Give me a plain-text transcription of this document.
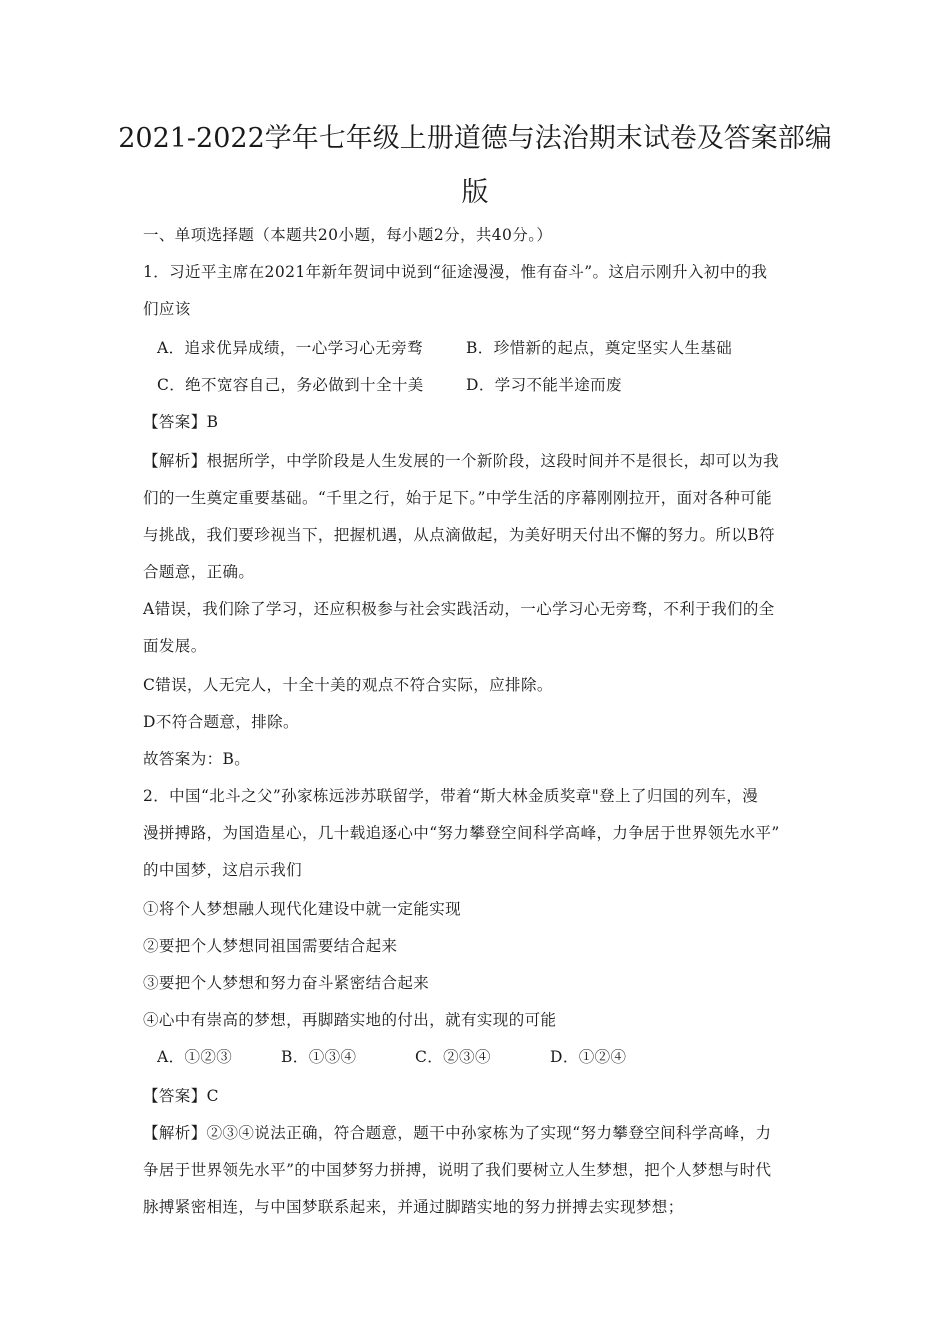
2021-2022学年七年级上册道德与法治期末试卷及答案部编
版
一、单项选择题（本题共20小题，每小题2分，共40分。）
1．习近平主席在2021年新年贺词中说到“征途漫漫，惟有奋斗”。这启示刚升入初中的我
们应该
A．追求优异成绩，一心学习心无旁骛	B．珍惜新的起点，奠定坚实人生基础
C．绝不宽容自己，务必做到十全十美	D．学习不能半途而废
【答案】B
【解析】根据所学，中学阶段是人生发展的一个新阶段，这段时间并不是很长，却可以为我
们的一生奠定重要基础。“千里之行，始于足下。”中学生活的序幕刚刚拉开，面对各种可能
与挑战，我们要珍视当下，把握机遇，从点滴做起，为美好明天付出不懈的努力。所以B符
合题意，正确。
A错误，我们除了学习，还应积极参与社会实践活动，一心学习心无旁骛，不利于我们的全
面发展。
C错误，人无完人，十全十美的观点不符合实际，应排除。
D不符合题意，排除。
故答案为：B。
2．中国“北斗之父”孙家栋远涉苏联留学，带着“斯大林金质奖章"登上了归国的列车，漫
漫拼搏路，为国造星心，几十载追逐心中“努力攀登空间科学高峰，力争居于世界领先水平”
的中国梦，这启示我们
①将个人梦想融人现代化建设中就一定能实现
②要把个人梦想同祖国需要结合起来
③要把个人梦想和努力奋斗紧密结合起来
④心中有崇高的梦想，再脚踏实地的付出，就有实现的可能
A．①②③	B．①③④	C．②③④	D．①②④
【答案】C
【解析】②③④说法正确，符合题意，题干中孙家栋为了实现“努力攀登空间科学高峰，力
争居于世界领先水平”的中国梦努力拼搏，说明了我们要树立人生梦想，把个人梦想与时代
脉搏紧密相连，与中国梦联系起来，并通过脚踏实地的努力拼搏去实现梦想；
